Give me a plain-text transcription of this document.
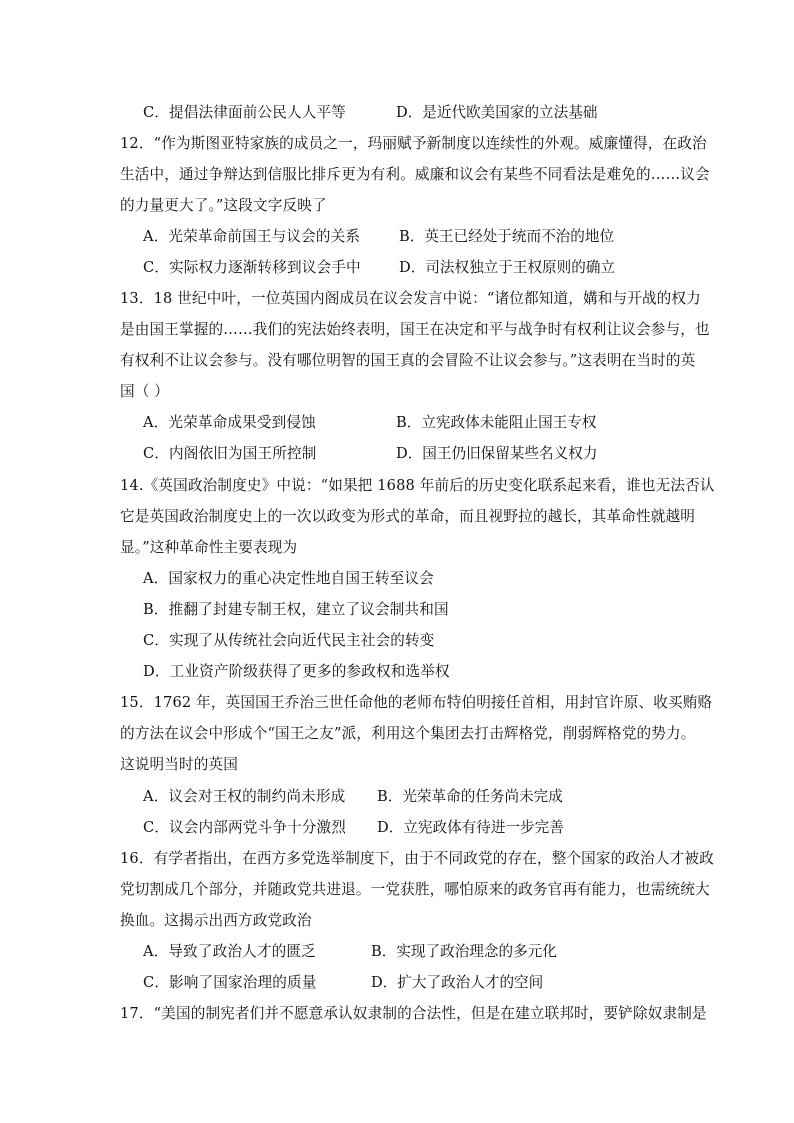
C．提倡法律面前公民人人平等	D．是近代欧美国家的立法基础
12．“作为斯图亚特家族的成员之一，玛丽赋予新制度以连续性的外观。威廉懂得，在政治
生活中，通过争辩达到信服比排斥更为有利。威廉和议会有某些不同看法是难免的……议会
的力量更大了。”这段文字反映了
A．光荣革命前国王与议会的关系	B．英王已经处于统而不治的地位
C．实际权力逐渐转移到议会手中	D．司法权独立于王权原则的确立
13．18 世纪中叶，一位英国内阁成员在议会发言中说：“诸位都知道，媾和与开战的权力
是由国王掌握的……我们的宪法始终表明，国王在决定和平与战争时有权利让议会参与，也
有权利不让议会参与。没有哪位明智的国王真的会冒险不让议会参与。”这表明在当时的英
国（ ）
A．光荣革命成果受到侵蚀	B．立宪政体未能阻止国王专权
C．内阁依旧为国王所控制	D．国王仍旧保留某些名义权力
14.《英国政治制度史》中说：“如果把 1688 年前后的历史变化联系起来看，谁也无法否认
它是英国政治制度史上的一次以政变为形式的革命，而且视野拉的越长，其革命性就越明
显。”这种革命性主要表现为
A．国家权力的重心决定性地自国王转至议会
B．推翻了封建专制王权，建立了议会制共和国
C．实现了从传统社会向近代民主社会的转变
D．工业资产阶级获得了更多的参政权和选举权
15．1762 年，英国国王乔治三世任命他的老师布特伯明接任首相，用封官许原、收买贿赂
的方法在议会中形成个“国王之友”派，利用这个集团去打击辉格党，削弱辉格党的势力。
这说明当时的英国
A．议会对王权的制约尚未形成 B．光荣革命的任务尚未完成
C．议会内部两党斗争十分激烈 D．立宪政体有待进一步完善
16．有学者指出，在西方多党选举制度下，由于不同政党的存在，整个国家的政治人才被政
党切割成几个部分，并随政党共进退。一党获胜，哪怕原来的政务官再有能力，也需统统大
换血。这揭示出西方政党政治
A．导致了政治人才的匮乏	B．实现了政治理念的多元化
C．影响了国家治理的质量	D．扩大了政治人才的空间
17．“美国的制宪者们并不愿意承认奴隶制的合法性，但是在建立联邦时，要铲除奴隶制是
